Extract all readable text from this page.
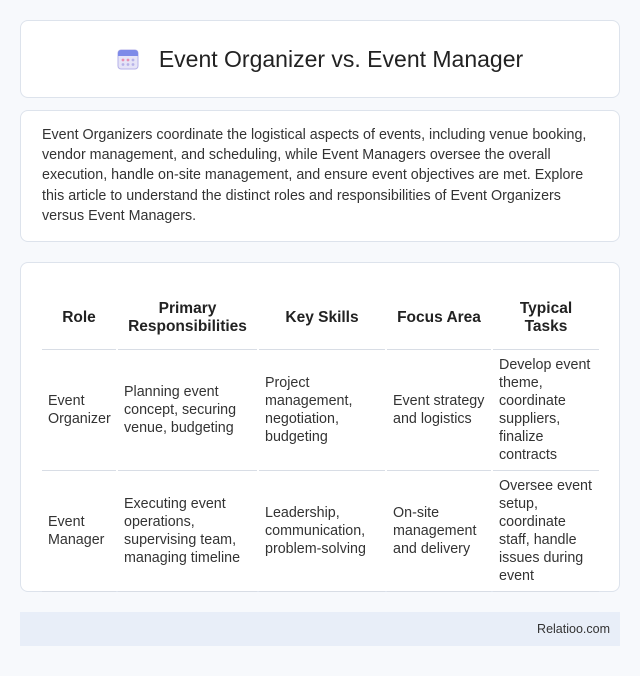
Event Organizer vs. Event Manager

Event Organizers coordinate the logistical aspects of events, including venue booking, vendor management, and scheduling, while Event Managers oversee the overall execution, handle on-site management, and ensure event objectives are met. Explore this article to understand the distinct roles and responsibilities of Event Organizers versus Event Managers.

Role	Primary Responsibilities	Key Skills	Focus Area	Typical Tasks
Event Organizer	Planning event concept, securing venue, budgeting	Project management, negotiation, budgeting	Event strategy and logistics	Develop event theme, coordinate suppliers, finalize contracts
Event Manager	Executing event operations, supervising team, managing timeline	Leadership, communication, problem-solving	On-site management and delivery	Oversee event setup, coordinate staff, handle issues during event
Relatioo.com
